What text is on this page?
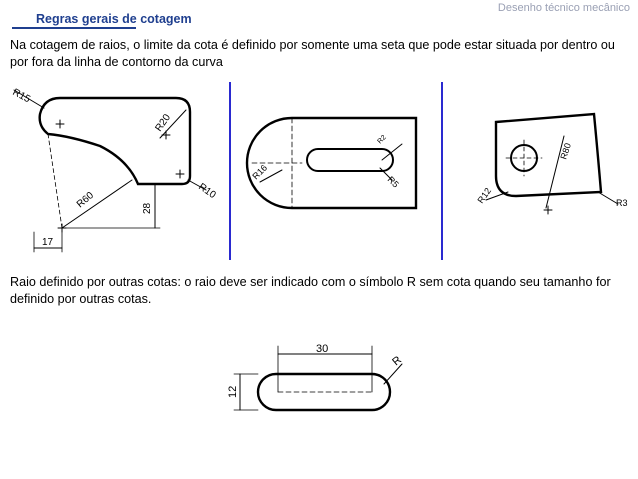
Desenho técnico mecânico
Regras gerais de cotagem
Na cotagem de raios, o limite da cota é definido por somente uma seta que pode estar situada por dentro ou por fora da linha de contorno da curva
R15
R20
R60	R10
28
17
R16
R5
R2
R12
R80
R3
Raio definido por outras cotas: o raio deve ser indicado com o símbolo R sem cota quando seu tamanho for definido por outras cotas.
30
12
R
